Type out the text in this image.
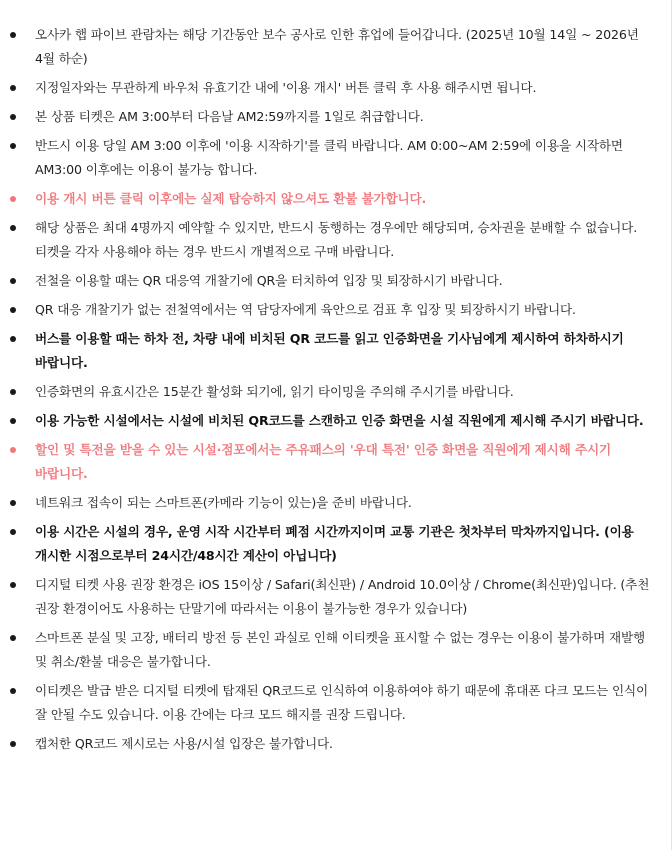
오사카 햅 파이브 관람차는 해당 기간동안 보수 공사로 인한 휴업에 들어갑니다. (2025년 10월 14일 ~ 2026년 4월 하순)
지정일자와는 무관하게 바우처 유효기간 내에 '이용 개시' 버튼 클릭 후 사용 해주시면 됩니다.
본 상품 티켓은 AM 3:00부터 다음날 AM2:59까지를 1일로 취급합니다.
반드시 이용 당일 AM 3:00 이후에 '이용 시작하기'를 클릭 바랍니다. AM 0:00~AM 2:59에 이용을 시작하면 AM3:00 이후에는 이용이 불가능 합니다.
이용 개시 버튼 클릭 이후에는 실제 탑승하지 않으셔도 환불 불가합니다.
해당 상품은 최대 4명까지 예약할 수 있지만, 반드시 동행하는 경우에만 해당되며, 승차권을 분배할 수 없습니다. 티켓을 각자 사용해야 하는 경우 반드시 개별적으로 구매 바랍니다.
전철을 이용할 때는 QR 대응역 개찰기에 QR을 터치하여 입장 및 퇴장하시기 바랍니다.
QR 대응 개찰기가 없는 전철역에서는 역 담당자에게 육안으로 검표 후 입장 및 퇴장하시기 바랍니다.
버스를 이용할 때는 하차 전, 차량 내에 비치된 QR 코드를 읽고 인증화면을 기사님에게 제시하여 하차하시기 바랍니다.
인증화면의 유효시간은 15분간 활성화 되기에, 읽기 타이밍을 주의해 주시기를 바랍니다.
이용 가능한 시설에서는 시설에 비치된 QR코드를 스캔하고 인증 화면을 시설 직원에게 제시해 주시기 바랍니다.
할인 및 특전을 받을 수 있는 시설·점포에서는 주유패스의 '우대 특전' 인증 화면을 직원에게 제시해 주시기 바랍니다.
네트워크 접속이 되는 스마트폰(카메라 기능이 있는)을 준비 바랍니다.
이용 시간은 시설의 경우, 운영 시작 시간부터 폐점 시간까지이며 교통 기관은 첫차부터 막차까지입니다. (이용 개시한 시점으로부터 24시간/48시간 계산이 아닙니다)
디지털 티켓 사용 권장 환경은 iOS 15이상 / Safari(최신판) / Android 10.0이상 / Chrome(최신판)입니다. (추천 권장 환경이어도 사용하는 단말기에 따라서는 이용이 불가능한 경우가 있습니다)
스마트폰 분실 및 고장, 배터리 방전 등 본인 과실로 인해 이티켓을 표시할 수 없는 경우는 이용이 불가하며 재발행 및 취소/환불 대응은 불가합니다.
이티켓은 발급 받은 디지털 티켓에 탑재된 QR코드로 인식하여 이용하여야 하기 때문에 휴대폰 다크 모드는 인식이 잘 안될 수도 있습니다. 이용 간에는 다크 모드 해지를 권장 드립니다.
캡처한 QR코드 제시로는 사용/시설 입장은 불가합니다.
